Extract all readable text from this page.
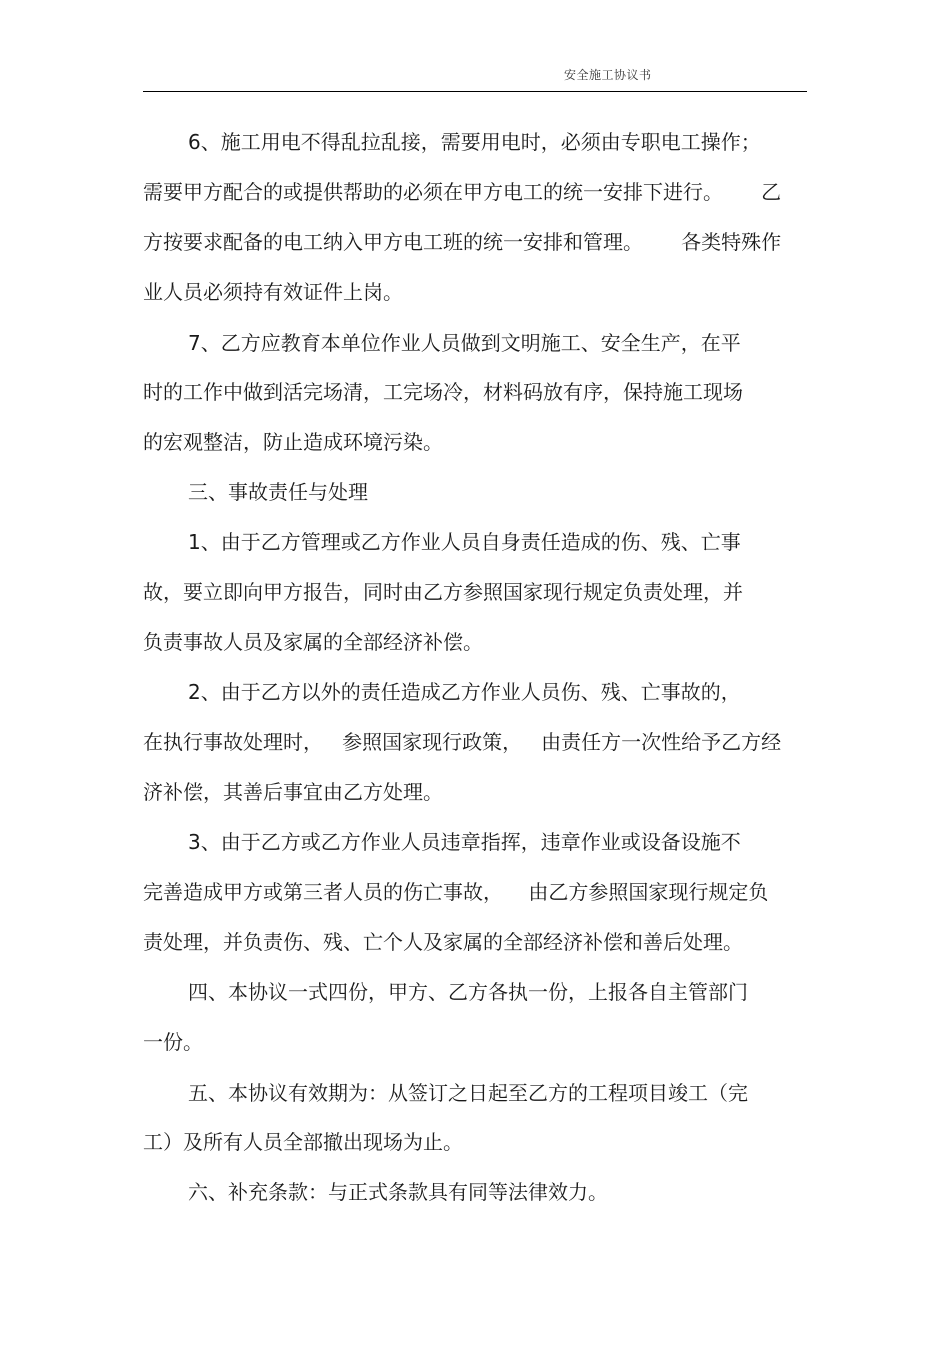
安全施工协议书
6、施工用电不得乱拉乱接，需要用电时，必须由专职电工操作；
需要甲方配合的或提供帮助的必须在甲方电工的统一安排下进行。      乙
方按要求配备的电工纳入甲方电工班的统一安排和管理。      各类特殊作
业人员必须持有效证件上岗。
7、乙方应教育本单位作业人员做到文明施工、安全生产，在平
时的工作中做到活完场清，工完场冷，材料码放有序，保持施工现场
的宏观整洁，防止造成环境污染。
三、事故责任与处理
1、由于乙方管理或乙方作业人员自身责任造成的伤、残、亡事
故，要立即向甲方报告，同时由乙方参照国家现行规定负责处理，并
负责事故人员及家属的全部经济补偿。
2、由于乙方以外的责任造成乙方作业人员伤、残、亡事故的，
在执行事故处理时，   参照国家现行政策，   由责任方一次性给予乙方经
济补偿，其善后事宜由乙方处理。
3、由于乙方或乙方作业人员违章指挥，违章作业或设备设施不
完善造成甲方或第三者人员的伤亡事故，    由乙方参照国家现行规定负
责处理，并负责伤、残、亡个人及家属的全部经济补偿和善后处理。
四、本协议一式四份，甲方、乙方各执一份，上报各自主管部门
一份。
五、本协议有效期为：从签订之日起至乙方的工程项目竣工（完
工）及所有人员全部撤出现场为止。
六、补充条款：与正式条款具有同等法律效力。
